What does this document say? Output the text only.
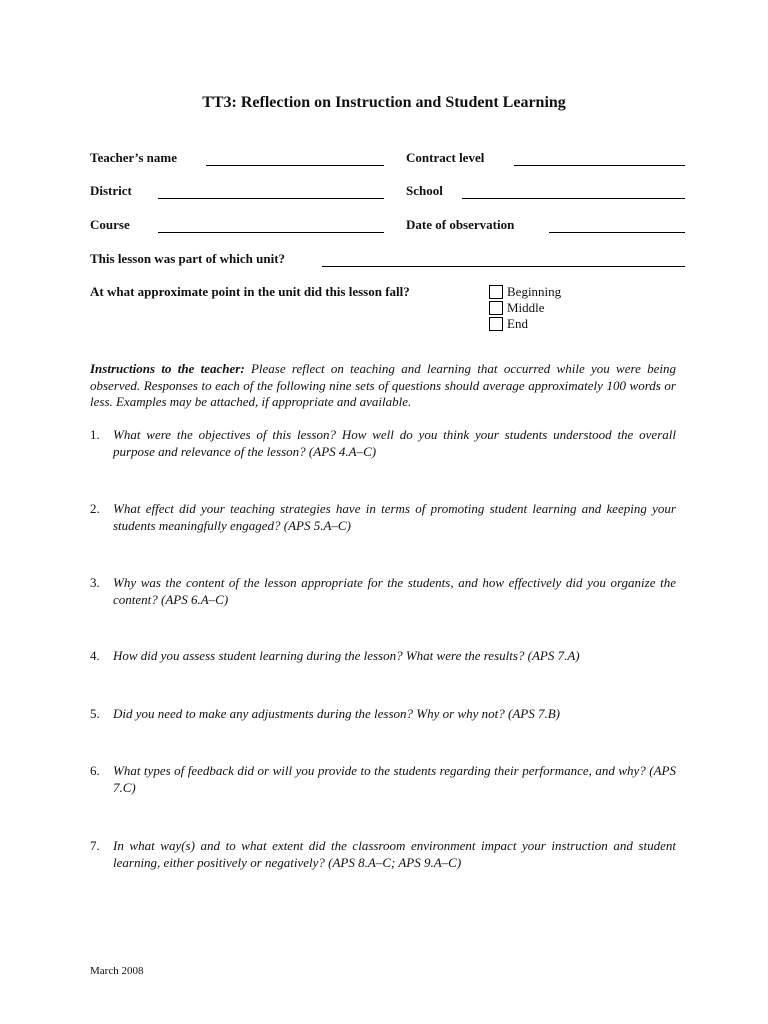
TT3: Reflection on Instruction and Student Learning
Teacher’s name	Contract level
District	School
Course	Date of observation
This lesson was part of which unit?
At what approximate point in the unit did this lesson fall?	Beginning
Middle
End
Instructions to the teacher: Please reflect on teaching and learning that occurred while you were being observed. Responses to each of the following nine sets of questions should average approximately 100 words or less. Examples may be attached, if appropriate and available.
1. What were the objectives of this lesson? How well do you think your students understood the overall purpose and relevance of the lesson? (APS 4.A–C)
2. What effect did your teaching strategies have in terms of promoting student learning and keeping your students meaningfully engaged? (APS 5.A–C)
3. Why was the content of the lesson appropriate for the students, and how effectively did you organize the content? (APS 6.A–C)
4. How did you assess student learning during the lesson? What were the results? (APS 7.A)
5. Did you need to make any adjustments during the lesson? Why or why not? (APS 7.B)
6. What types of feedback did or will you provide to the students regarding their performance, and why? (APS 7.C)
7. In what way(s) and to what extent did the classroom environment impact your instruction and student learning, either positively or negatively? (APS 8.A–C; APS 9.A–C)
March 2008
